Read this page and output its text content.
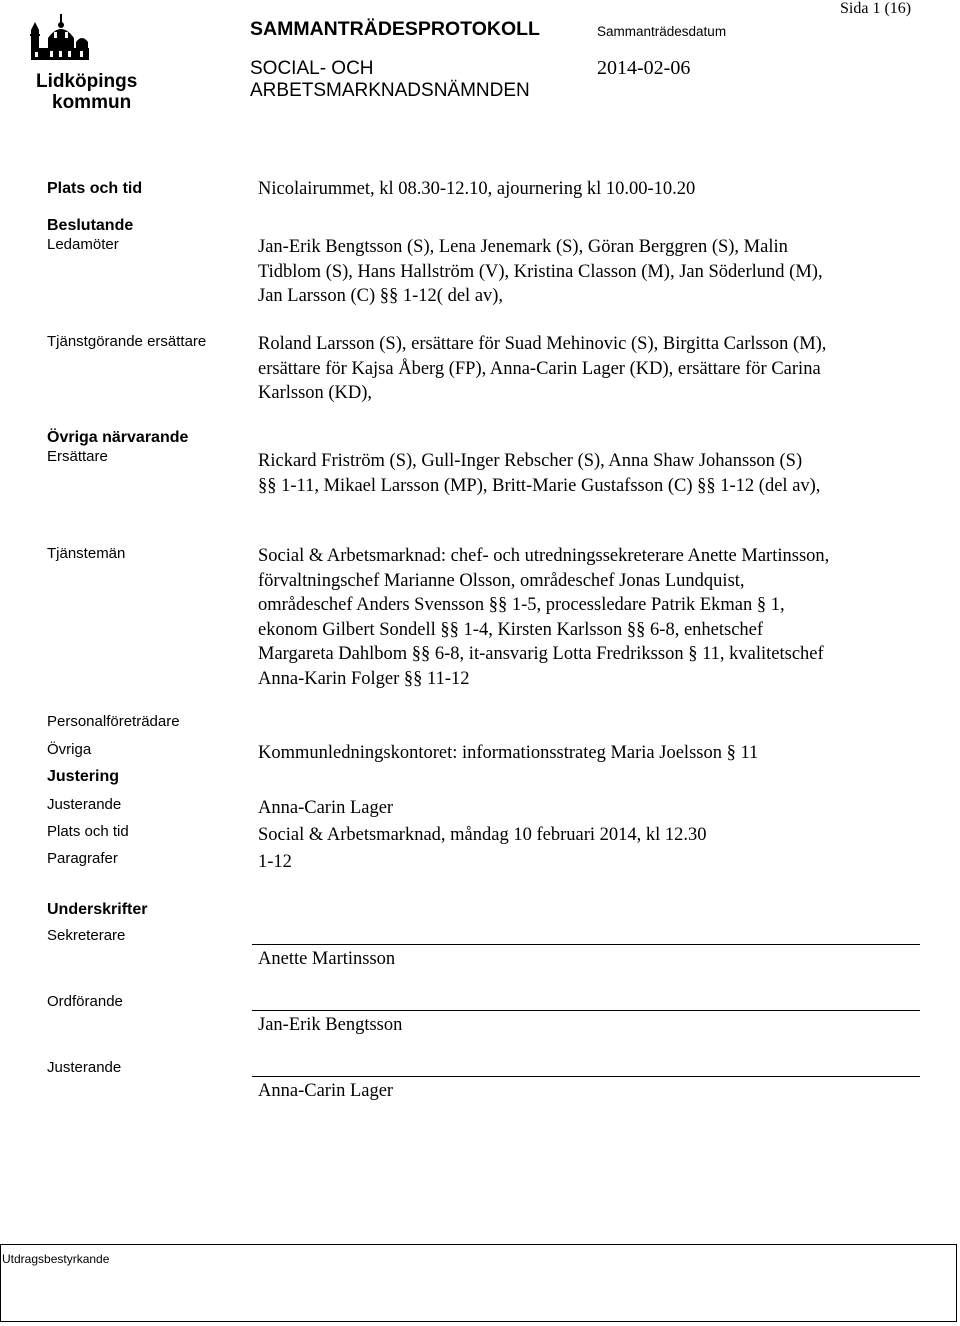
Lidköpings
kommun
SAMMANTRÄDESPROTOKOLL	Sammanträdesdatum
SOCIAL- OCH
ARBETSMARKNADSNÄMNDEN
2014-02-06
Sida 1 (16)
Plats och tid	Nicolairummet, kl 08.30-12.10, ajournering kl 10.00-10.20
Beslutande
Ledamöter	Jan-Erik Bengtsson (S), Lena Jenemark (S), Göran Berggren (S), Malin
Tidblom (S), Hans Hallström (V), Kristina Classon (M), Jan Söderlund (M),
Jan Larsson (C) §§ 1-12( del av),
Tjänstgörande ersättare	Roland Larsson (S), ersättare för Suad Mehinovic (S), Birgitta Carlsson (M),
ersättare för Kajsa Åberg (FP), Anna-Carin Lager (KD), ersättare för Carina
Karlsson (KD),
Övriga närvarande
Ersättare	Rickard Friström (S), Gull-Inger Rebscher (S), Anna Shaw Johansson (S)
§§ 1-11, Mikael Larsson (MP), Britt-Marie Gustafsson (C) §§ 1-12 (del av),
Tjänstemän	Social & Arbetsmarknad: chef- och utredningssekreterare Anette Martinsson,
förvaltningschef Marianne Olsson, områdeschef Jonas Lundquist,
områdeschef Anders Svensson §§ 1-5, processledare Patrik Ekman § 1,
ekonom Gilbert Sondell §§ 1-4, Kirsten Karlsson §§ 6-8, enhetschef
Margareta Dahlbom §§ 6-8, it-ansvarig Lotta Fredriksson § 11, kvalitetschef
Anna-Karin Folger §§ 11-12
Personalföreträdare
Övriga	Kommunledningskontoret: informationsstrateg Maria Joelsson § 11
Justering
Justerande	Anna-Carin Lager
Plats och tid	Social & Arbetsmarknad, måndag 10 februari 2014, kl 12.30
Paragrafer	1-12
Underskrifter
Sekreterare
Anette Martinsson
Ordförande
Jan-Erik Bengtsson
Justerande
Anna-Carin Lager
Utdragsbestyrkande
